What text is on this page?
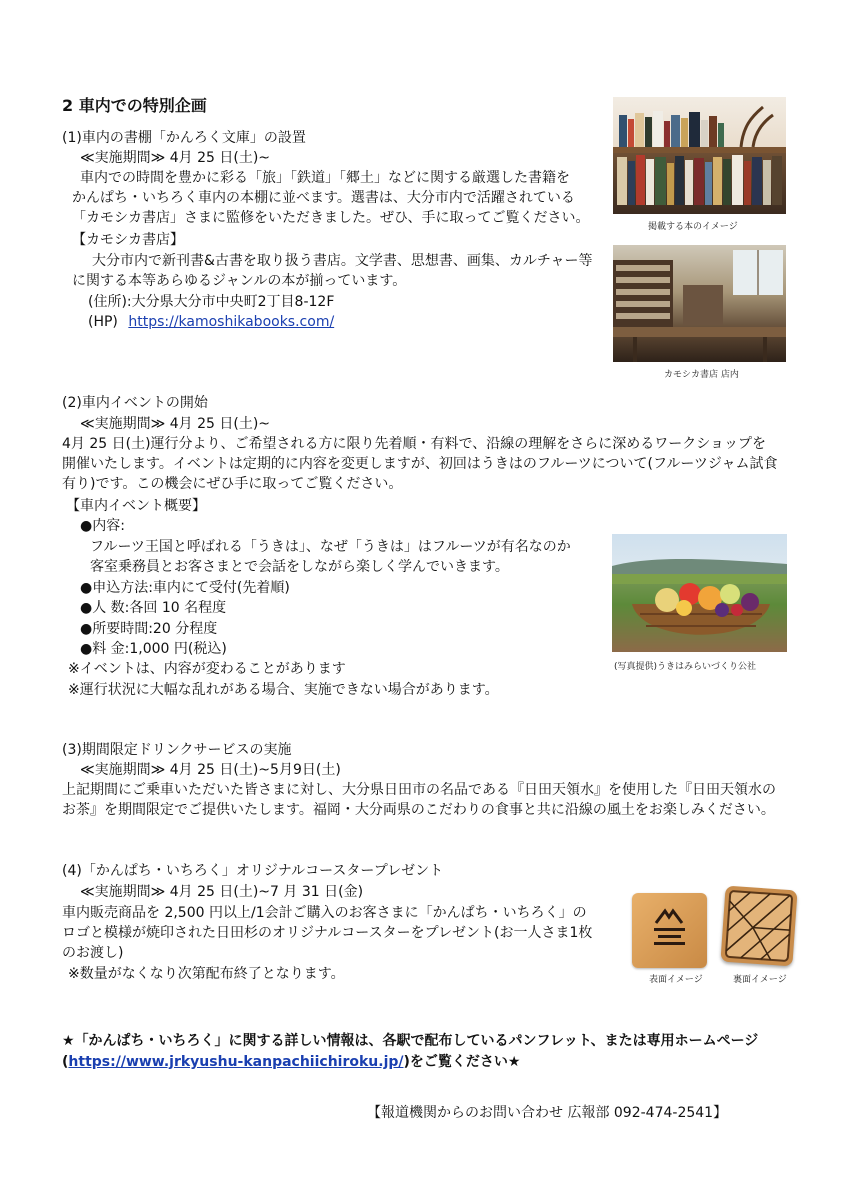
2 車内での特別企画
(1)車内の書棚「かんろく文庫」の設置
≪実施期間≫ 4月 25 日(土)~
車内での時間を豊かに彩る「旅」「鉄道」「郷土」などに関する厳選した書籍を
かんぱち・いちろく車内の本棚に並べます。選書は、大分市内で活躍されている
「カモシカ書店」さまに監修をいただきました。ぜひ、手に取ってご覧ください。
【カモシカ書店】
大分市内で新刊書&古書を取り扱う書店。文学書、思想書、画集、カルチャー等
に関する本等あらゆるジャンルの本が揃っています。
(住所):大分県大分市中央町2丁目8-12F
(HP) https://kamoshikabooks.com/
掲載する本のイメージ
カモシカ書店 店内
(2)車内イベントの開始
≪実施期間≫ 4月 25 日(土)~
4月 25 日(土)運行分より、ご希望される方に限り先着順・有料で、沿線の理解をさらに深めるワークショップを
開催いたします。イベントは定期的に内容を変更しますが、初回はうきはのフルーツについて(フルーツジャム試食
有り)です。この機会にぜひ手に取ってご覧ください。
【車内イベント概要】
●内容:
フルーツ王国と呼ばれる「うきは」、なぜ「うきは」はフルーツが有名なのか
客室乗務員とお客さまとで会話をしながら楽しく学んでいきます。
●申込方法:車内にて受付(先着順)
●人 数:各回 10 名程度
●所要時間:20 分程度
●料 金:1,000 円(税込)
※イベントは、内容が変わることがあります
※運行状況に大幅な乱れがある場合、実施できない場合があります。
(写真提供)うきはみらいづくり公社
(3)期間限定ドリンクサービスの実施
≪実施期間≫ 4月 25 日(土)~5月9日(土)
上記期間にご乗車いただいた皆さまに対し、大分県日田市の名品である『日田天領水』を使用した『日田天領水の
お茶』を期間限定でご提供いたします。福岡・大分両県のこだわりの食事と共に沿線の風土をお楽しみください。
(4)「かんぱち・いちろく」オリジナルコースタープレゼント
≪実施期間≫ 4月 25 日(土)~7 月 31 日(金)
車内販売商品を 2,500 円以上/1会計ご購入のお客さまに「かんぱち・いちろく」の
ロゴと模様が焼印された日田杉のオリジナルコースターをプレゼント(お一人さま1枚
のお渡し)
※数量がなくなり次第配布終了となります。	表面イメージ	裏面イメージ
★「かんぱち・いちろく」に関する詳しい情報は、各駅で配布しているパンフレット、または専用ホームページ
(https://www.jrkyushu-kanpachiichiroku.jp/)をご覧ください★
【報道機関からのお問い合わせ 広報部 092-474-2541】
